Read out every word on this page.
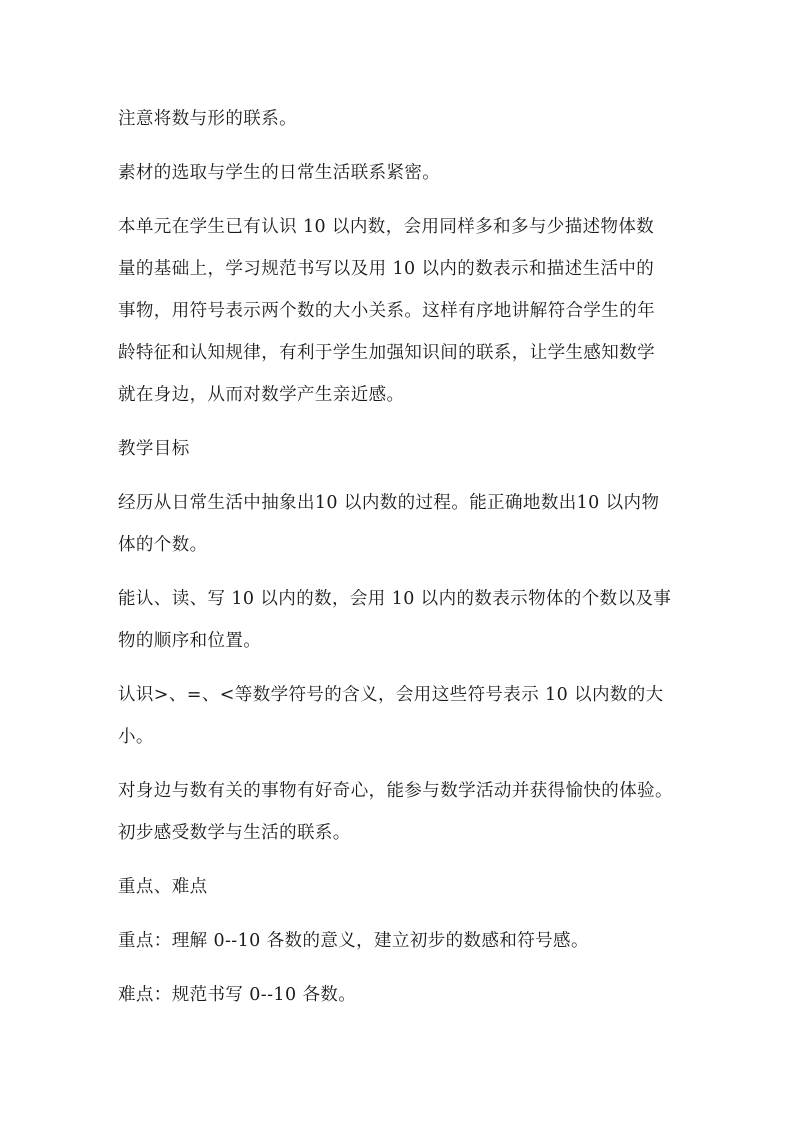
注意将数与形的联系。
素材的选取与学生的日常生活联系紧密。
本单元在学生已有认识 10 以内数，会用同样多和多与少描述物体数
量的基础上，学习规范书写以及用 10 以内的数表示和描述生活中的
事物，用符号表示两个数的大小关系。这样有序地讲解符合学生的年
龄特征和认知规律，有利于学生加强知识间的联系，让学生感知数学
就在身边，从而对数学产生亲近感。
教学目标
经历从日常生活中抽象出10 以内数的过程。能正确地数出10 以内物
体的个数。
能认、读、写 10 以内的数，会用 10 以内的数表示物体的个数以及事
物的顺序和位置。
认识>、=、<等数学符号的含义，会用这些符号表示 10 以内数的大
小。
对身边与数有关的事物有好奇心，能参与数学活动并获得愉快的体验。
初步感受数学与生活的联系。
重点、难点
重点：理解 0--10 各数的意义，建立初步的数感和符号感。
难点：规范书写 0--10 各数。
